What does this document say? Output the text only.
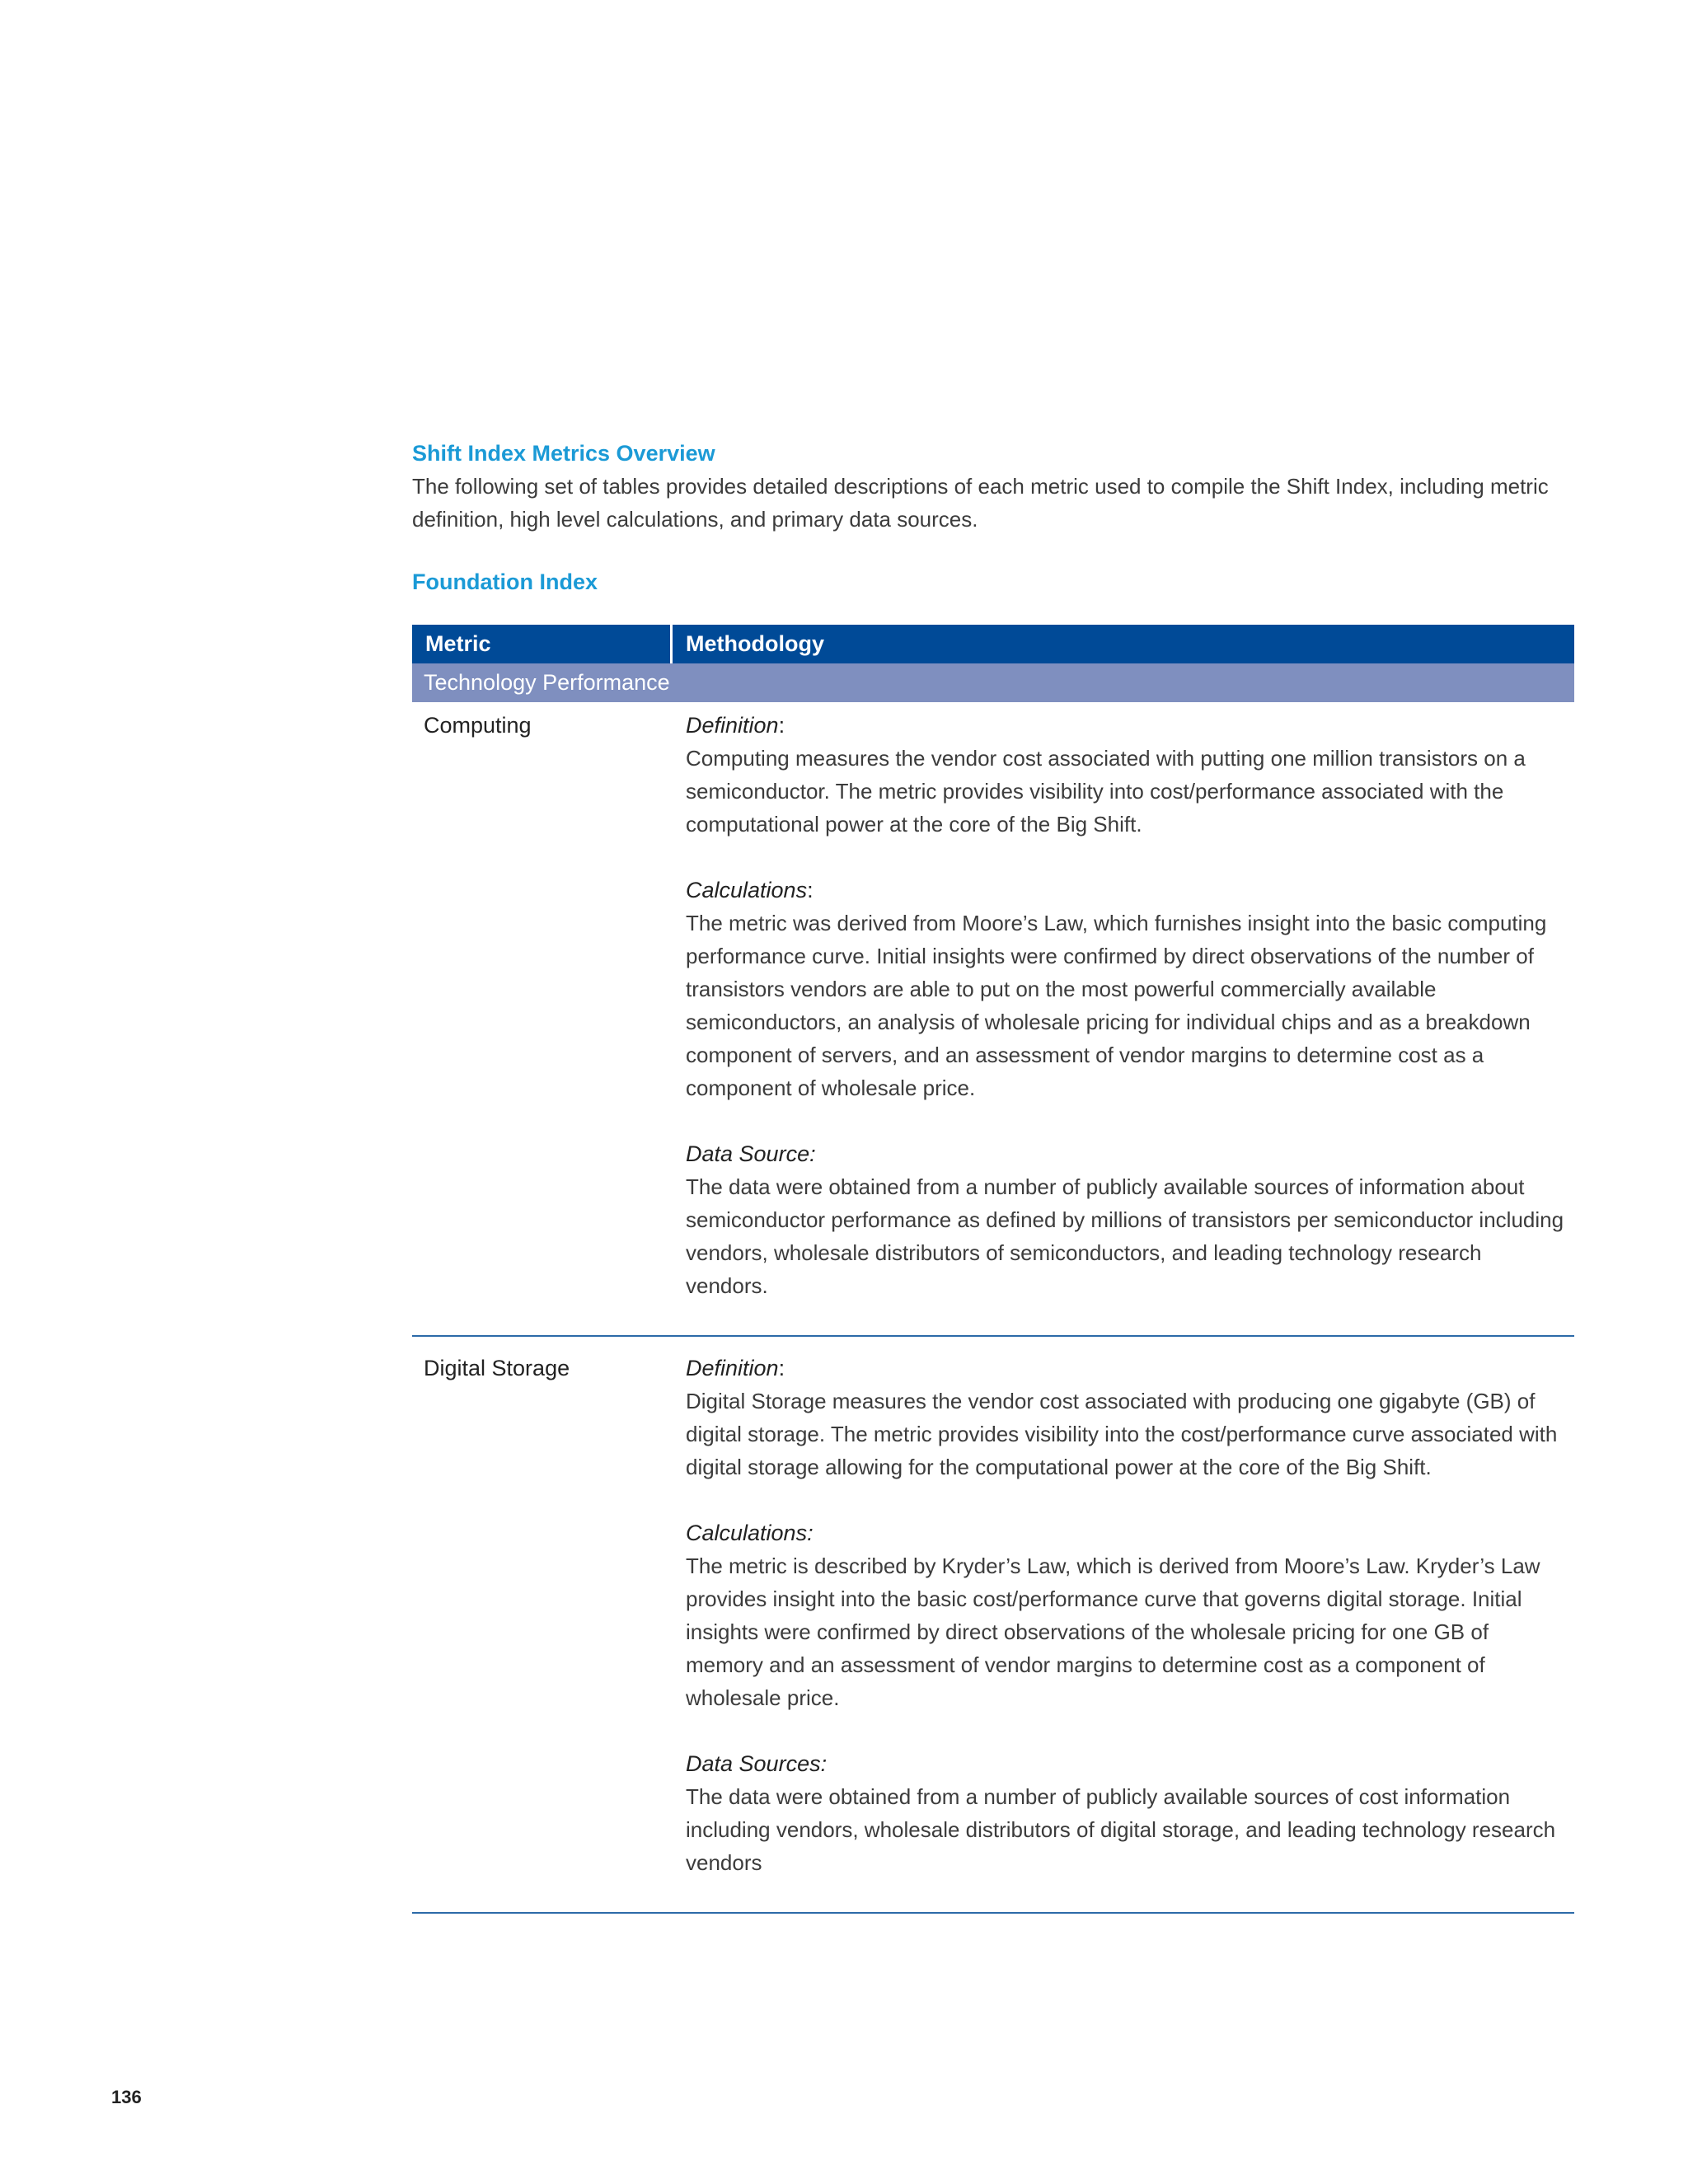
Shift Index Metrics Overview

The following set of tables provides detailed descriptions of each metric used to compile the Shift Index, including metric definition, high level calculations, and primary data sources.

Foundation Index
Metric	Methodology
Technology Performance
Computing	Definition:
Computing measures the vendor cost associated with putting one million transistors on a semiconductor. The metric provides visibility into cost/performance associated with the computational power at the core of the Big Shift.
Calculations:
The metric was derived from Moore’s Law, which furnishes insight into the basic computing performance curve. Initial insights were confirmed by direct observations of the number of transistors vendors are able to put on the most powerful commercially available semiconductors, an analysis of wholesale pricing for individual chips and as a breakdown component of servers, and an assessment of vendor margins to determine cost as a component of wholesale price.
Data Source:
The data were obtained from a number of publicly available sources of information about semiconductor performance as defined by millions of transistors per semiconductor including vendors, wholesale distributors of semiconductors, and leading technology research vendors.
Digital Storage	Definition:
Digital Storage measures the vendor cost associated with producing one gigabyte (GB) of digital storage. The metric provides visibility into the cost/performance curve associated with digital storage allowing for the computational power at the core of the Big Shift.
Calculations:
The metric is described by Kryder’s Law, which is derived from Moore’s Law. Kryder’s Law provides insight into the basic cost/performance curve that governs digital storage. Initial insights were confirmed by direct observations of the wholesale pricing for one GB of memory and an assessment of vendor margins to determine cost as a component of wholesale price.
Data Sources:
The data were obtained from a number of publicly available sources of cost information including vendors, wholesale distributors of digital storage, and leading technology research vendors
136
